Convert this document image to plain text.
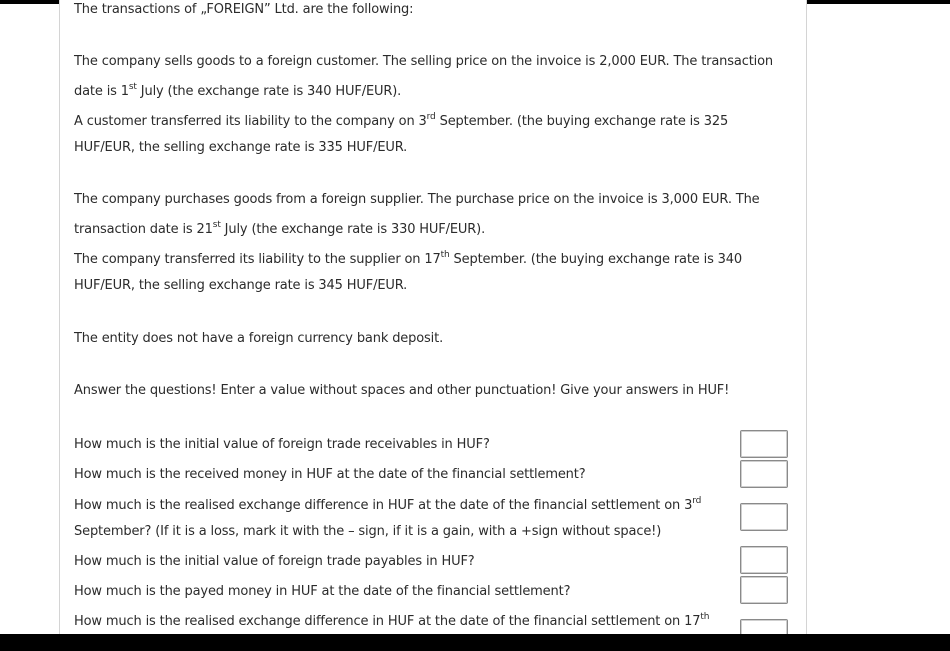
The transactions of „FOREIGN” Ltd. are the following:
The company sells goods to a foreign customer. The selling price on the invoice is 2,000 EUR. The transaction
date is 1st July (the exchange rate is 340 HUF/EUR).
A customer transferred its liability to the company on 3rd September. (the buying exchange rate is 325
HUF/EUR, the selling exchange rate is 335 HUF/EUR.
The company purchases goods from a foreign supplier. The purchase price on the invoice is 3,000 EUR. The
transaction date is 21st July (the exchange rate is 330 HUF/EUR).
The company transferred its liability to the supplier on 17th September. (the buying exchange rate is 340
HUF/EUR, the selling exchange rate is 345 HUF/EUR.
The entity does not have a foreign currency bank deposit.
Answer the questions! Enter a value without spaces and other punctuation! Give your answers in HUF!
How much is the initial value of foreign trade receivables in HUF?
How much is the received money in HUF at the date of the financial settlement?
How much is the realised exchange difference in HUF at the date of the financial settlement on 3rd
September? (If it is a loss, mark it with the – sign, if it is a gain, with a +sign without space!)
How much is the initial value of foreign trade payables in HUF?
How much is the payed money in HUF at the date of the financial settlement?
How much is the realised exchange difference in HUF at the date of the financial settlement on 17th
